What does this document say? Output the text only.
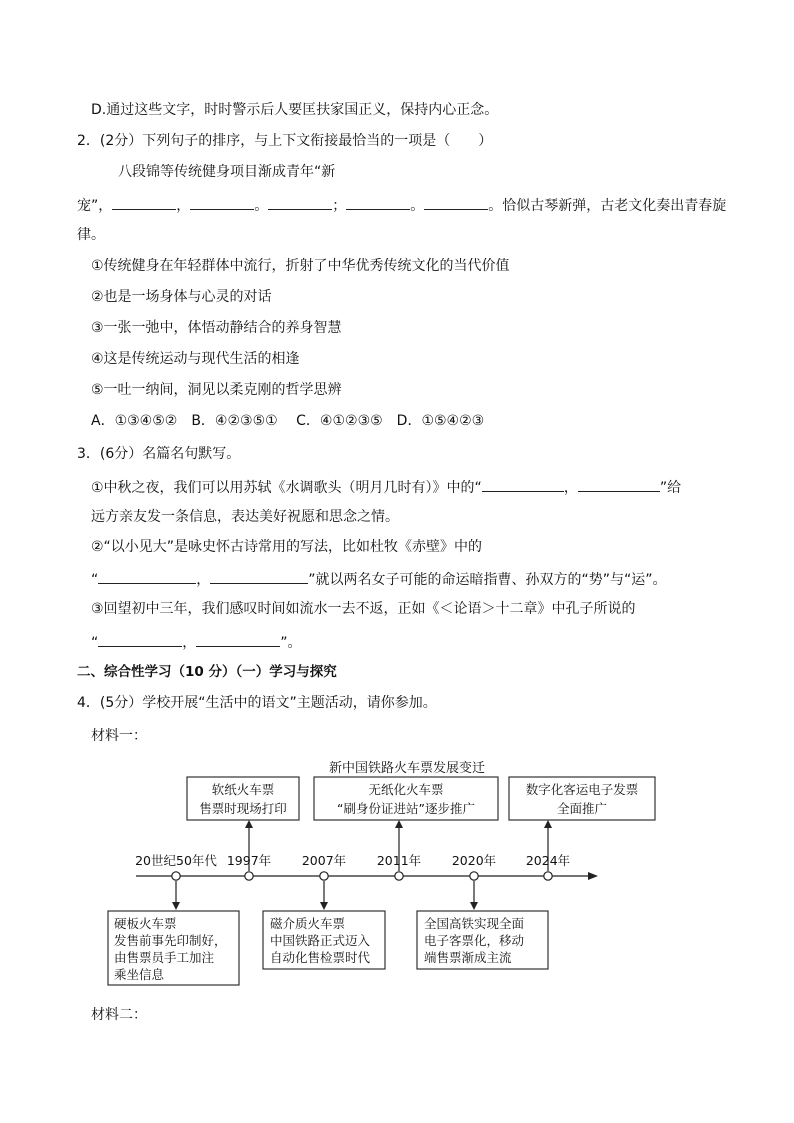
D.通过这些文字，时时警示后人要匡扶家国正义，保持内心正念。
2．(2分）下列句子的排序，与上下文衔接最恰当的一项是（　　）
八段锦等传统健身项目渐成青年“新
宠”，	，	。	；	。	。恰似古琴新弹，古老文化奏出青春旋
律。
①传统健身在年轻群体中流行，折射了中华优秀传统文化的当代价值
②也是一场身体与心灵的对话
③一张一弛中，体悟动静结合的养身智慧
④这是传统运动与现代生活的相逢
⑤一吐一纳间，洞见以柔克刚的哲学思辨
A．①③④⑤②　B．④②③⑤①　 C．④①②③⑤　D．①⑤④②③
3．(6分）名篇名句默写。
①中秋之夜，我们可以用苏轼《水调歌头（明月几时有）》中的“	，	”给
远方亲友发一条信息，表达美好祝愿和思念之情。
②“以小见大”是咏史怀古诗常用的写法，比如杜牧《赤壁》中的
“	，	”就以两名女子可能的命运暗指曹、孙双方的“势”与“运”。
③回望初中三年，我们感叹时间如流水一去不返，正如《＜论语＞十二章》中孔子所说的
“	，	”。
二、综合性学习（10 分）（一）学习与探究
4．(5分）学校开展“生活中的语文”主题活动，请你参加。
材料一：
新中国铁路火车票发展变迁
软纸火车票
售票时现场打印
无纸化火车票
“刷身份证进站”逐步推广
数字化客运电子发票
全面推广
20世纪50年代 1997年 2007年 2011年 2020年 2024年
硬板火车票
发售前事先印制好，
由售票员手工加注
乘坐信息
磁介质火车票
中国铁路正式迈入
自动化售检票时代
全国高铁实现全面
电子客票化，移动
端售票渐成主流
材料二：
